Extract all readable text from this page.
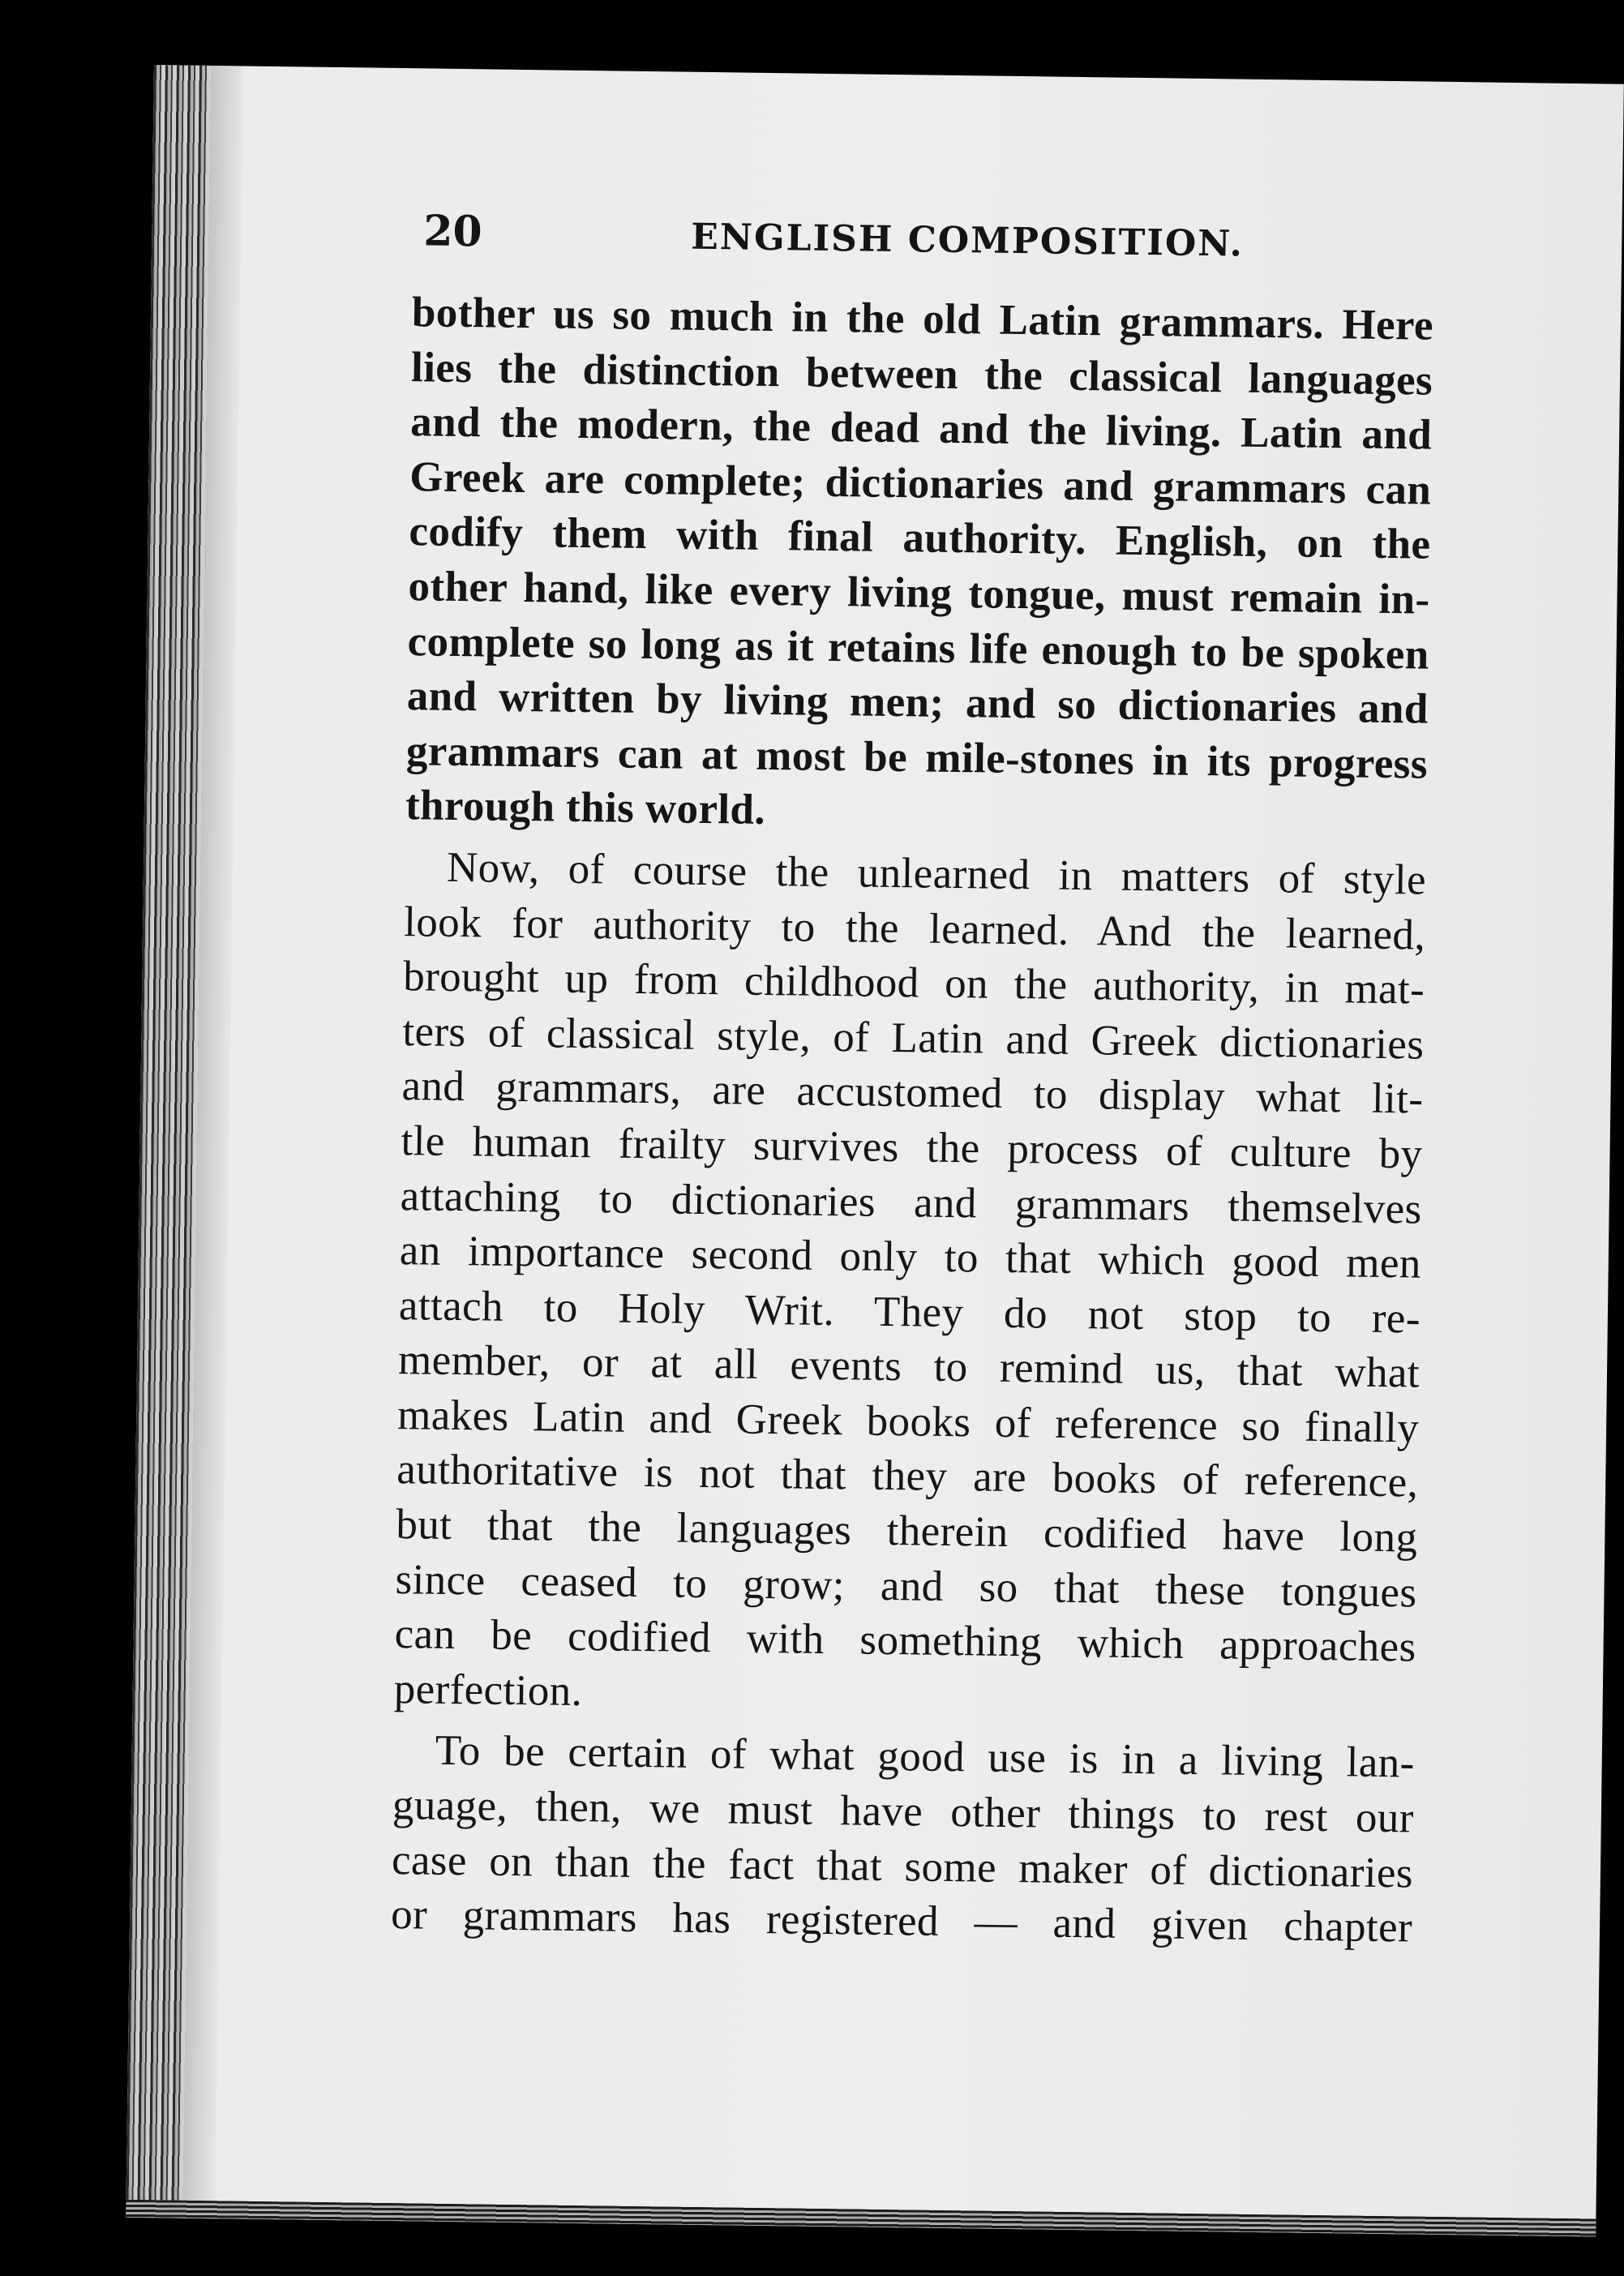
20	ENGLISH COMPOSITION.
bother us so much in the old Latin grammars. Here
lies the distinction between the classical languages
and the modern, the dead and the living. Latin and
Greek are complete; dictionaries and grammars can
codify them with final authority. English, on the
other hand, like every living tongue, must remain in-
complete so long as it retains life enough to be spoken
and written by living men; and so dictionaries and
grammars can at most be mile-stones in its progress
through this world.
Now, of course the unlearned in matters of style
look for authority to the learned. And the learned,
brought up from childhood on the authority, in mat-
ters of classical style, of Latin and Greek dictionaries
and grammars, are accustomed to display what lit-
tle human frailty survives the process of culture by
attaching to dictionaries and grammars themselves
an importance second only to that which good men
attach to Holy Writ. They do not stop to re-
member, or at all events to remind us, that what
makes Latin and Greek books of reference so finally
authoritative is not that they are books of reference,
but that the languages therein codified have long
since ceased to grow; and so that these tongues
can be codified with something which approaches
perfection.
To be certain of what good use is in a living lan-
guage, then, we must have other things to rest our
case on than the fact that some maker of dictionaries
or grammars has registered — and given chapter
